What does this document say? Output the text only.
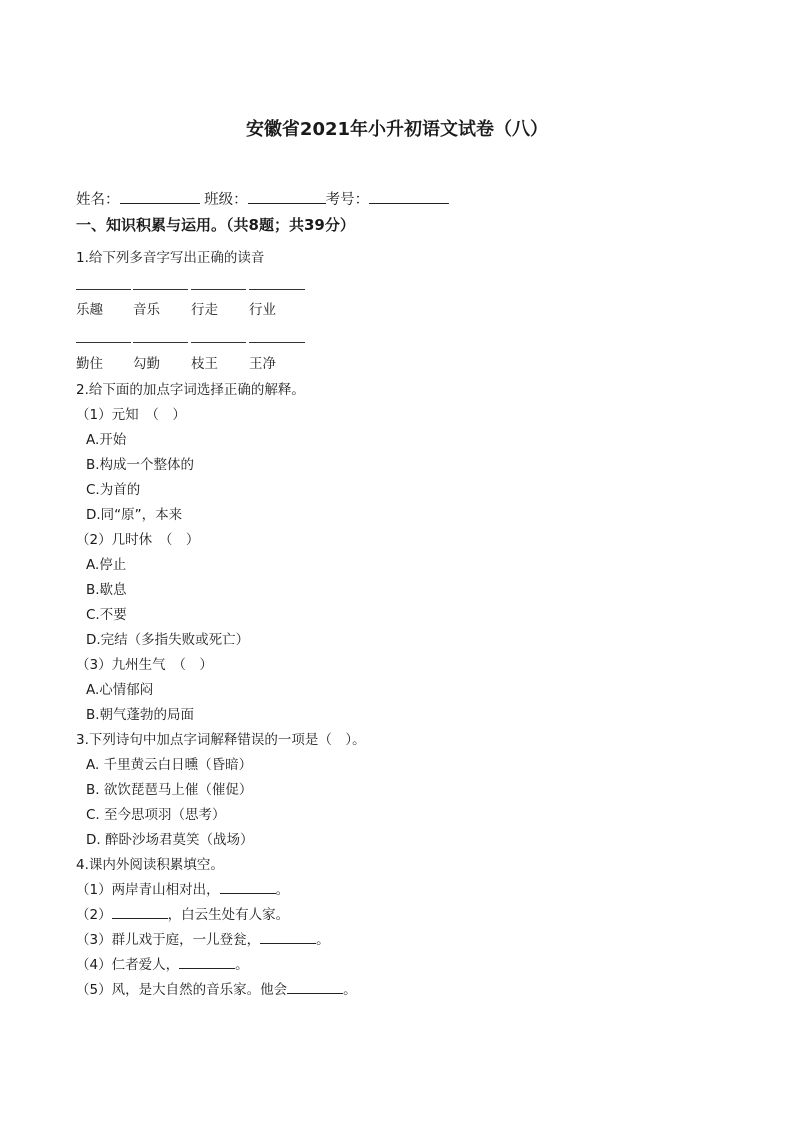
安徽省2021年小升初语文试卷（八）
姓名：	班级：	考号：
一、知识积累与运用。（共8题；共39分）
1.给下列多音字写出正确的读音
乐趣 音乐 行走 行业
勤住 勾勤 枝王 王净
2.给下面的加点字词选择正确的解释。
（1）元知　（　）
A.开始
B.构成一个整体的
C.为首的
D.同“原”，本来
（2）几时休　（　）
A.停止
B.歇息
C.不要
D.完结（多指失败或死亡）
（3）九州生气　（　）
A.心情郁闷
B.朝气蓬勃的局面
3.下列诗句中加点字词解释错误的一项是（　）。
A. 千里黄云白日曛（昏暗）
B. 欲饮琵琶马上催（催促）
C. 至今思项羽（思考）
D. 醉卧沙场君莫笑（战场）
4.课内外阅读积累填空。
（1）两岸青山相对出，	。
（2）	，白云生处有人家。
（3）群儿戏于庭，一儿登瓮，	。
（4）仁者爱人，	。
（5）风，是大自然的音乐家。他会	。
